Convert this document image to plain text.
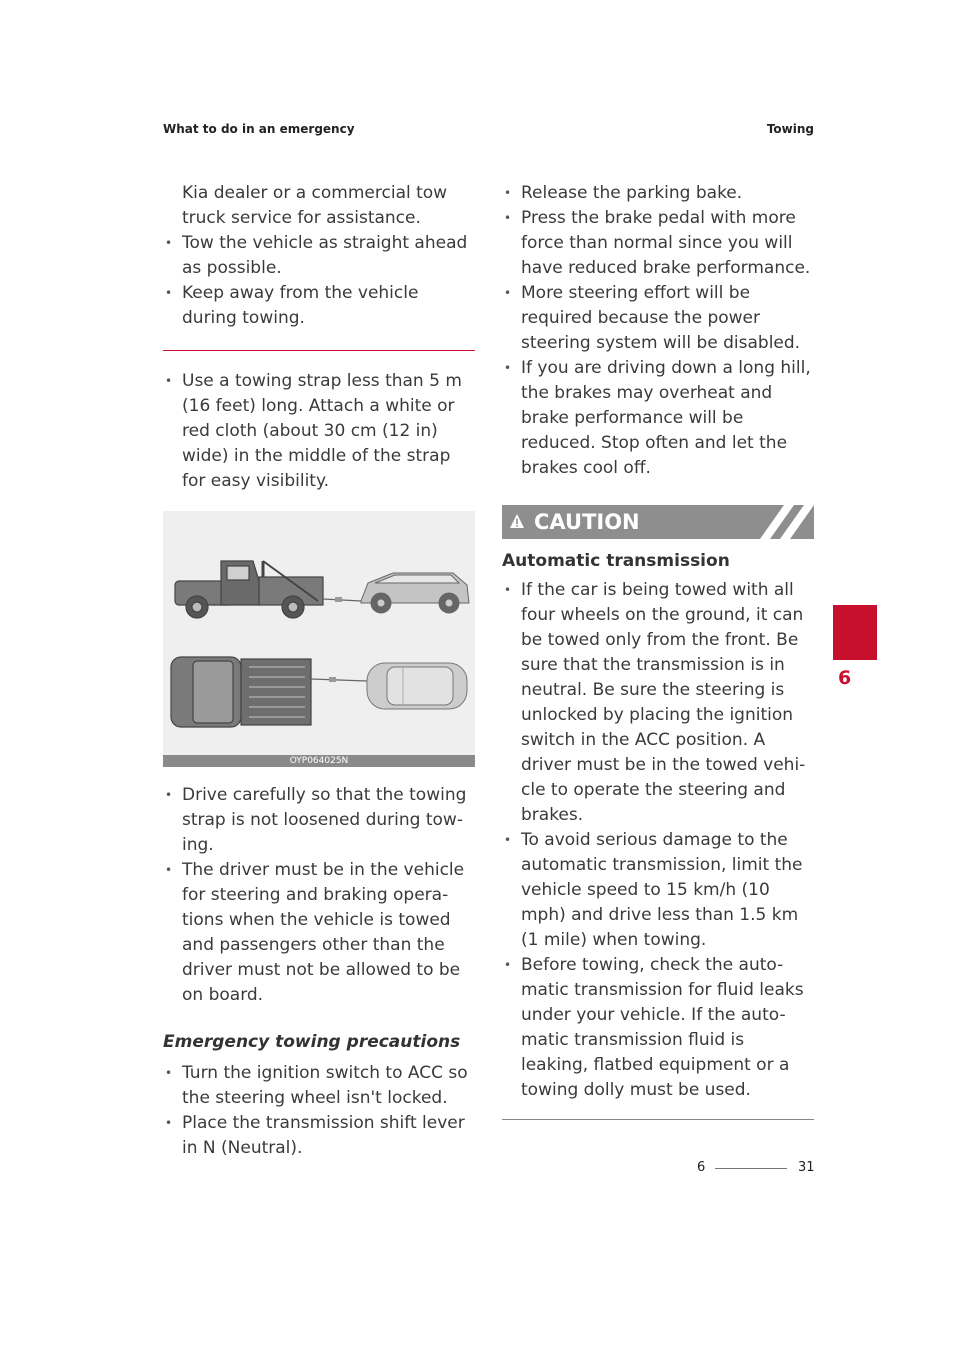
What to do in an emergency	Towing

Kia dealer or a commercial tow truck service for assistance.

• Tow the vehicle as straight ahead as possible.
• Keep away from the vehicle during towing.
• Use a towing strap less than 5 m (16 feet) long. Attach a white or red cloth (about 30 cm (12 in) wide) in the middle of the strap for easy visibility.
OYP064025N
• Drive carefully so that the towing strap is not loosened during tow-ing.
• The driver must be in the vehicle for steering and braking opera-tions when the vehicle is towed and passengers other than the driver must not be allowed to be on board.
Emergency towing precautions
• Turn the ignition switch to ACC so the steering wheel isn't locked.
• Place the transmission shift lever in N (Neutral).
• Release the parking bake.
• Press the brake pedal with more force than normal since you will have reduced brake performance.
• More steering effort will be required because the power steering system will be disabled.
• If you are driving down a long hill, the brakes may overheat and brake performance will be reduced. Stop often and let the brakes cool off.
CAUTION
Automatic transmission
• If the car is being towed with all four wheels on the ground, it can be towed only from the front. Be sure that the transmission is in neutral. Be sure the steering is unlocked by placing the ignition switch in the ACC position. A driver must be in the towed vehi-cle to operate the steering and brakes.
• To avoid serious damage to the automatic transmission, limit the vehicle speed to 15 km/h (10 mph) and drive less than 1.5 km (1 mile) when towing.
• Before towing, check the auto-matic transmission for fluid leaks under your vehicle. If the auto-matic transmission fluid is leaking, flatbed equipment or a towing dolly must be used.
6
6	31
